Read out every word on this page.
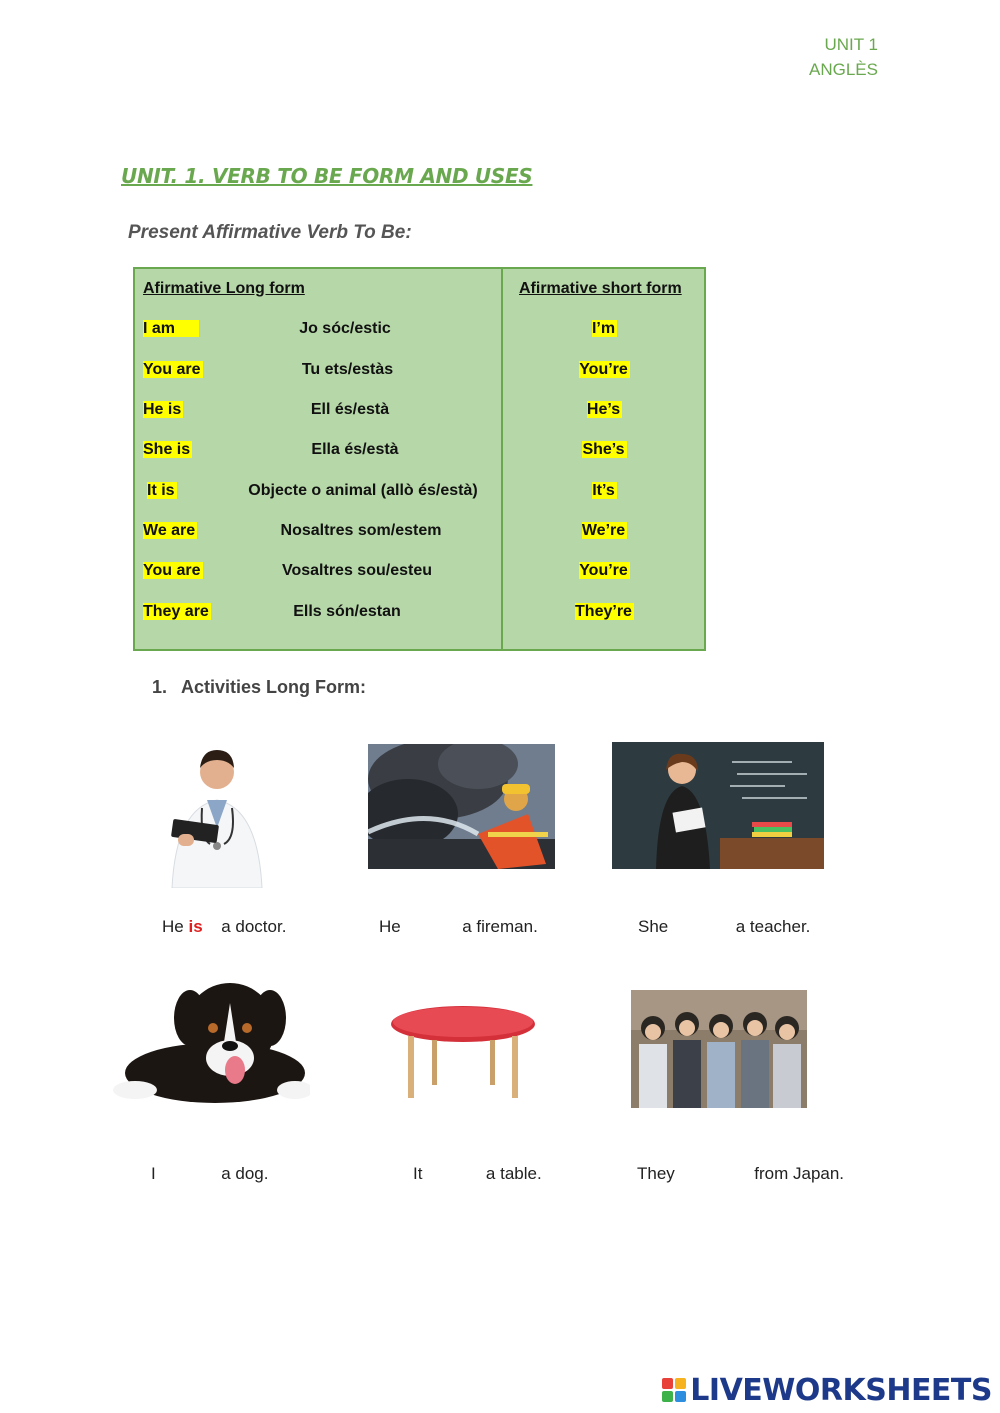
UNIT 1
ANGLÈS
UNIT. 1. VERB TO BE FORM AND USES
Present Affirmative Verb To Be:
Afirmative Long form	Afirmative short form
I am	Jo sóc/estic	I’m
You are	Tu ets/estàs	You’re
He is	Ell és/està	He’s
She is	Ella és/està	She’s
It is	Objecte o animal (allò és/està)	It’s
We are	Nosaltres som/estem	We’re
You are	Vosaltres sou/esteu	You’re
They are	Ells són/estan	They’re
1. Activities Long Form:
He is a doctor.	He	a fireman.	She	a teacher.
I	a dog.	It	a table.	They	from Japan.
LIVEWORKSHEETS
